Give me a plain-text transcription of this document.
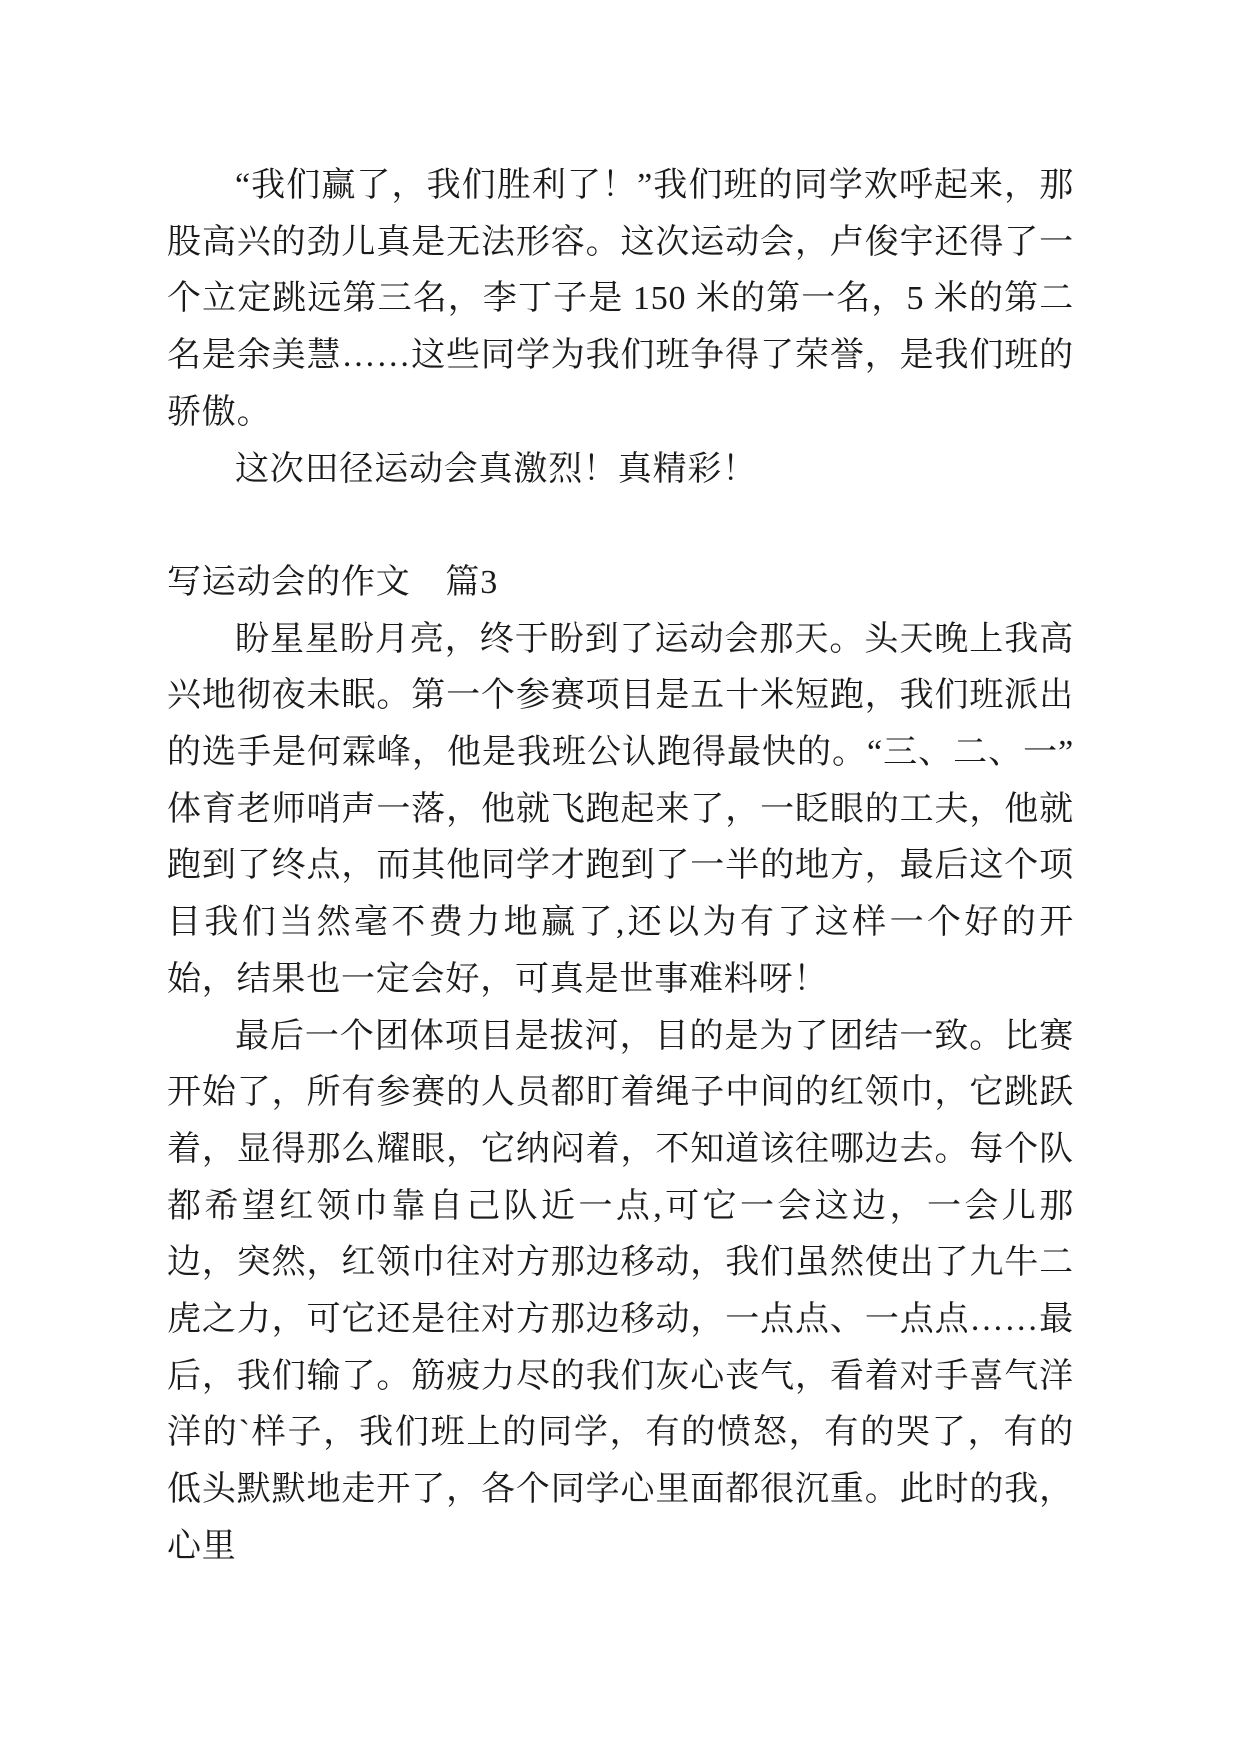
“我们赢了，我们胜利了！”我们班的同学欢呼起来，那股高兴的劲儿真是无法形容。这次运动会，卢俊宇还得了一个立定跳远第三名，李丁子是 150 米的第一名，5 米的第二名是余美慧……这些同学为我们班争得了荣誉，是我们班的骄傲。

这次田径运动会真激烈！真精彩！

写运动会的作文　篇3

盼星星盼月亮，终于盼到了运动会那天。头天晚上我高兴地彻夜未眠。第一个参赛项目是五十米短跑，我们班派出的选手是何霖峰，他是我班公认跑得最快的。“三、二、一”体育老师哨声一落，他就飞跑起来了，一眨眼的工夫，他就跑到了终点，而其他同学才跑到了一半的地方，最后这个项目我们当然毫不费力地赢了,还以为有了这样一个好的开始，结果也一定会好，可真是世事难料呀！

最后一个团体项目是拔河，目的是为了团结一致。比赛开始了，所有参赛的人员都盯着绳子中间的红领巾，它跳跃着，显得那么耀眼，它纳闷着，不知道该往哪边去。每个队都希望红领巾靠自己队近一点,可它一会这边，一会儿那边，突然，红领巾往对方那边移动，我们虽然使出了九牛二虎之力，可它还是往对方那边移动，一点点、一点点……最后，我们输了。筋疲力尽的我们灰心丧气，看着对手喜气洋洋的`样子，我们班上的同学，有的愤怒，有的哭了，有的低头默默地走开了，各个同学心里面都很沉重。此时的我，心里
